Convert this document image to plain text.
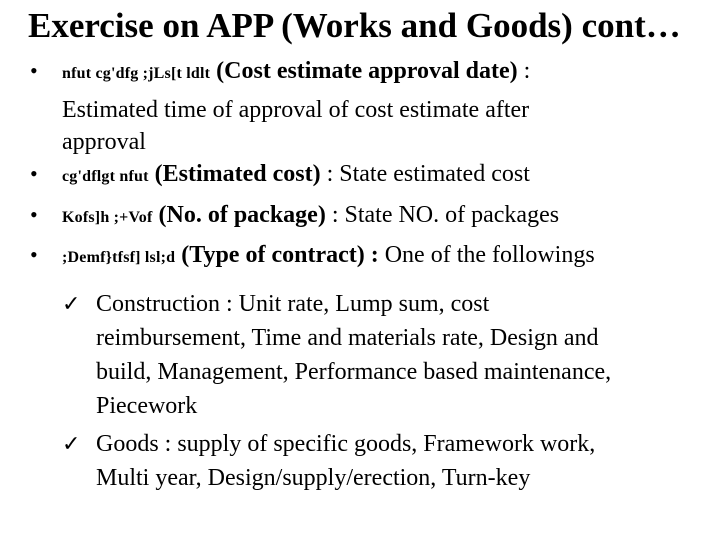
Exercise on APP (Works and Goods) cont…
• nfut cg'dfg ;jLs[t ldlt (Cost estimate approval date) :
Estimated time of approval of cost estimate after
approval
• cg'dflgt nfut (Estimated cost) : State estimated cost
• Kofs]h ;+Vof (No. of package) : State NO. of packages
• ;Demf}tfsf] lsl;d (Type of contract) : One of the followings
✓ Construction : Unit rate, Lump sum, cost
reimbursement, Time and materials rate, Design and
build, Management, Performance based maintenance,
Piecework
✓ Goods : supply of specific goods, Framework work,
Multi year, Design/supply/erection, Turn-key
